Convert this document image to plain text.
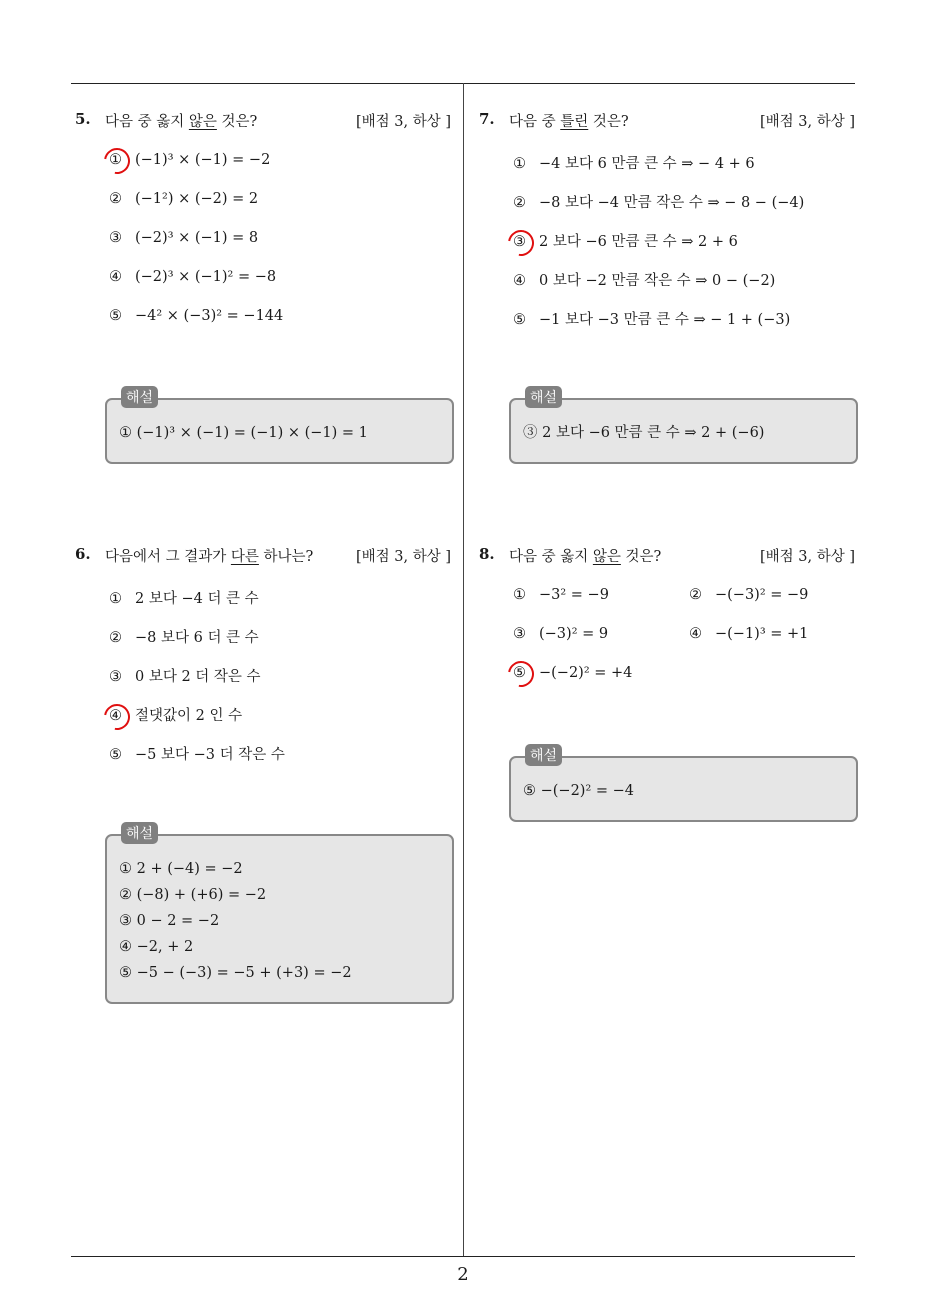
2
5. 다음 중 옳지 않은 것은?	[배점 3, 하상 ]
① (−1)³ × (−1) = −2
② (−1²) × (−2) = 2
③ (−2)³ × (−1) = 8
④ (−2)³ × (−1)² = −8
⑤ −4² × (−3)² = −144
해설
① (−1)³ × (−1) = (−1) × (−1) = 1
7. 다음 중 틀린 것은?	[배점 3, 하상 ]
① −4 보다 6 만큼 큰 수 ⇒ − 4 + 6
② −8 보다 −4 만큼 작은 수 ⇒ − 8 − (−4)
③ 2 보다 −6 만큼 큰 수 ⇒ 2 + 6
④ 0 보다 −2 만큼 작은 수 ⇒ 0 − (−2)
⑤ −1 보다 −3 만큼 큰 수 ⇒ − 1 + (−3)
해설
③ 2 보다 −6 만큼 큰 수 ⇒ 2 + (−6)
6. 다음에서 그 결과가 다른 하나는?	[배점 3, 하상 ]
① 2 보다 −4 더 큰 수
② −8 보다 6 더 큰 수
③ 0 보다 2 더 작은 수
④ 절댓값이 2 인 수
⑤ −5 보다 −3 더 작은 수
해설
① 2 + (−4) = −2
② (−8) + (+6) = −2
③ 0 − 2 = −2
④ −2, + 2
⑤ −5 − (−3) = −5 + (+3) = −2
8. 다음 중 옳지 않은 것은?	[배점 3, 하상 ]
① −3² = −9	② −(−3)² = −9
③ (−3)² = 9	④ −(−1)³ = +1
⑤ −(−2)² = +4
해설
⑤ −(−2)² = −4
